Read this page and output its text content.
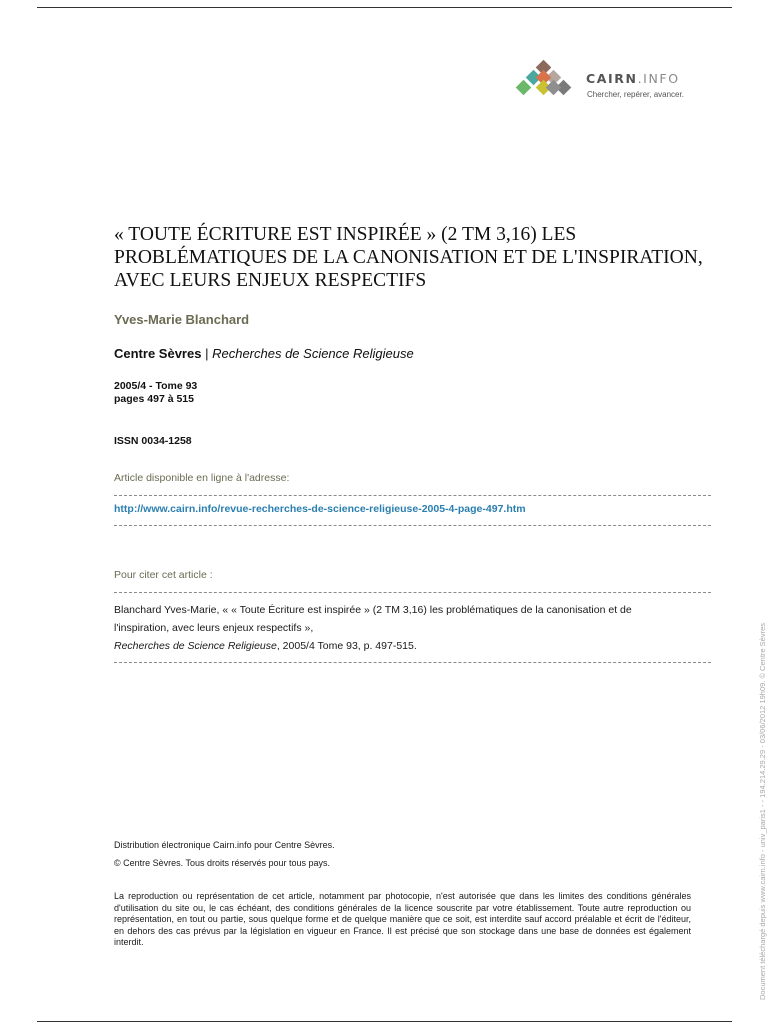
CAIRN.INFO
Chercher, repérer, avancer.
« TOUTE ÉCRITURE EST INSPIRÉE » (2 TM 3,16) LES
PROBLÉMATIQUES DE LA CANONISATION ET DE L'INSPIRATION,
AVEC LEURS ENJEUX RESPECTIFS
Yves-Marie Blanchard
Centre Sèvres | Recherches de Science Religieuse
2005/4 - Tome 93
pages 497 à 515
ISSN 0034-1258
Article disponible en ligne à l'adresse:
http://www.cairn.info/revue-recherches-de-science-religieuse-2005-4-page-497.htm
Pour citer cet article :
Blanchard Yves-Marie, « « Toute Écriture est inspirée » (2 TM 3,16) les problématiques de la canonisation et de
l'inspiration, avec leurs enjeux respectifs »,
Recherches de Science Religieuse, 2005/4 Tome 93, p. 497-515.
Distribution électronique Cairn.info pour Centre Sèvres.
© Centre Sèvres. Tous droits réservés pour tous pays.
La reproduction ou représentation de cet article, notamment par photocopie, n'est autorisée que dans les limites des conditions générales d'utilisation du site ou, le cas échéant, des conditions générales de la licence souscrite par votre établissement. Toute autre reproduction ou représentation, en tout ou partie, sous quelque forme et de quelque manière que ce soit, est interdite sauf accord préalable et écrit de l'éditeur, en dehors des cas prévus par la législation en vigueur en France. Il est précisé que son stockage dans une base de données est également interdit.	Document téléchargé depuis www.cairn.info - univ_paris1 - - 194.214.29.29 - 03/06/2012 19h09. © Centre Sèvres
